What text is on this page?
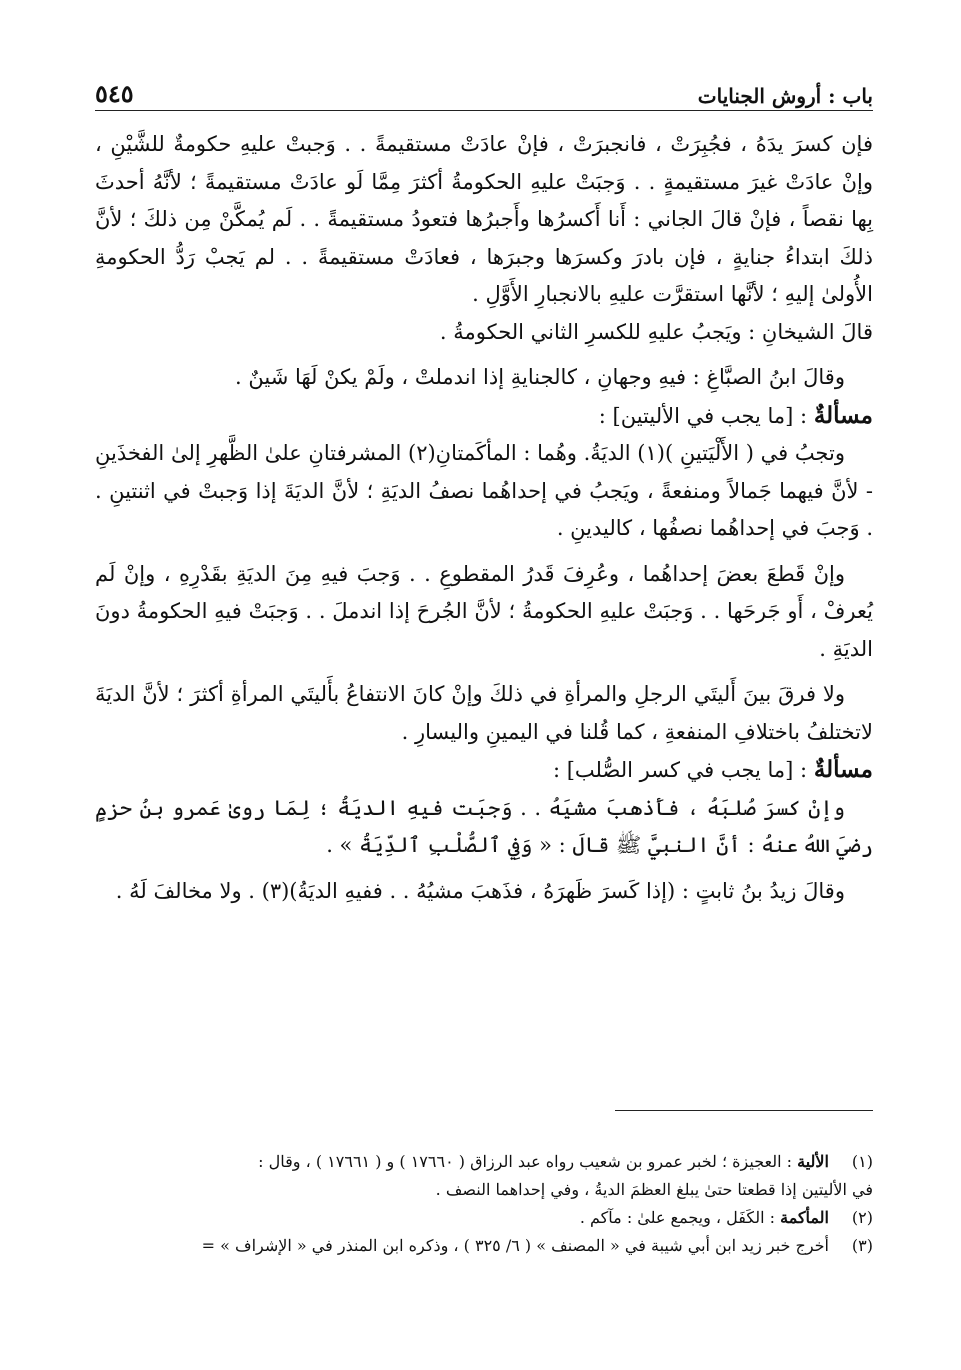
باب : أروش الجنايات
٥٤٥

فإن كسرَ يدَهُ ، فجُبِرَتْ ، فانجبرَتْ ، فإنْ عادَتْ مستقيمةً . . وَجبتْ عليهِ حكومةٌ للشَّيْنِ ، وإنْ عادَتْ غيرَ مستقيمةٍ . . وَجبَتْ عليهِ الحكومةُ أكثرَ مِمَّا لَو عادَتْ مستقيمةً ؛ لأنَّهُ أحدثَ بِها نقصاً ، فإنْ قالَ الجاني : أَنا أَكسرُها وأَجبرُها فتعودُ مستقيمةً . . لَم يُمكَّنْ مِن ذلكَ ؛ لأنَّ ذلكَ ابتداءُ جنايةٍ ، فإن بادرَ وكسرَها وجبرَها ، فعادَتْ مستقيمةً . . لم يَجبْ رَدُّ الحكومةِ الأُولىٰ إليهِ ؛ لأنَّها استقرَّت عليهِ بالانجبارِ الأَوَّلِ .

قالَ الشيخانِ : ويَجبُ عليهِ للكسرِ الثاني الحكومةُ .

وقالَ ابنُ الصبَّاغِ : فيهِ وجهانِ ، كالجنايةِ إذا اندملتْ ، ولَمْ يكنْ لَهَا شَينٌ .

مسألةٌ : [ما يجب في الأليتين] :

وتجبُ في ( الأَلْيَتينِ )(١) الديَةُ. وهُما : المأكَمتانِ(٢) المشرفتانِ علىٰ الظَّهرِ إلىٰ الفخذَينِ - لأنَّ فيهما جَمالاً ومنفعةً ، ويَجبُ في إحداهُما نصفُ الديَةِ ؛ لأنَّ الديَةَ إذا وَجبتْ في اثنتينِ . . وَجبَ في إحداهُما نصفُها ، كاليدينِ .

وإنْ قَطعَ بعضَ إحداهُما ، وعُرِفَ قَدرُ المقطوعِ . . وَجبَ فيهِ مِنَ الديَةِ بقَدْرِهِ ، وإنْ لَم يُعرفْ ، أَو جَرحَها . . وَجبَتْ عليهِ الحكومةُ ؛ لأنَّ الجُرحَ إذا اندملَ . . وَجبَتْ فيهِ الحكومةُ دونَ الديَةِ .

ولا فرقَ بينَ أَليتَي الرجلِ والمرأةِ في ذلكَ وإنْ كانَ الانتفاعُ بأَليتَي المرأةِ أكثرَ ؛ لأنَّ الديَةَ لاتختلفُ باختلافِ المنفعةِ ، كما قُلنا في اليمينِ واليسارِ .

مسألةٌ : [ما يجب في كسر الصُّلب] :

وإنْ كسرَ صُلبَهُ ، فأَذهبَ مشيَهُ . . وَجبَت فيهِ الديَةُ ؛ لِمَا روىٰ عَمرو بنُ حزمٍ رضيَ اللهُ عنهُ : أنَّ النبيَّ ﷺ قالَ : « وَفِي ٱلصُّلْبِ ٱلدِّيَةُ » .

وقالَ زيدُ بنُ ثابتٍ : (إذا كَسرَ ظَهرَهُ ، فذَهبَ مشيُهُ . . ففيهِ الديَةُ)(٣) . ولا مخالفَ لَهُ .

(١)
الألية : العجيزة ؛ لخبر عمرو بن شعيب رواه عبد الرزاق ( ١٧٦٦٠ ) و ( ١٧٦٦١ ) ، وقال :
في الأليتين إذا قطعتا حتىٰ يبلغ العظمَ الديةُ ، وفي إحداهما النصف .
(٢)
المأكمة : الكَفَل ، ويجمع علىٰ : مآكم .
(٣)
أخرج خبر زيد ابن أبي شيبة في « المصنف » ( ٦/ ٣٢٥ ) ، وذكره ابن المنذر في « الإشراف » =
